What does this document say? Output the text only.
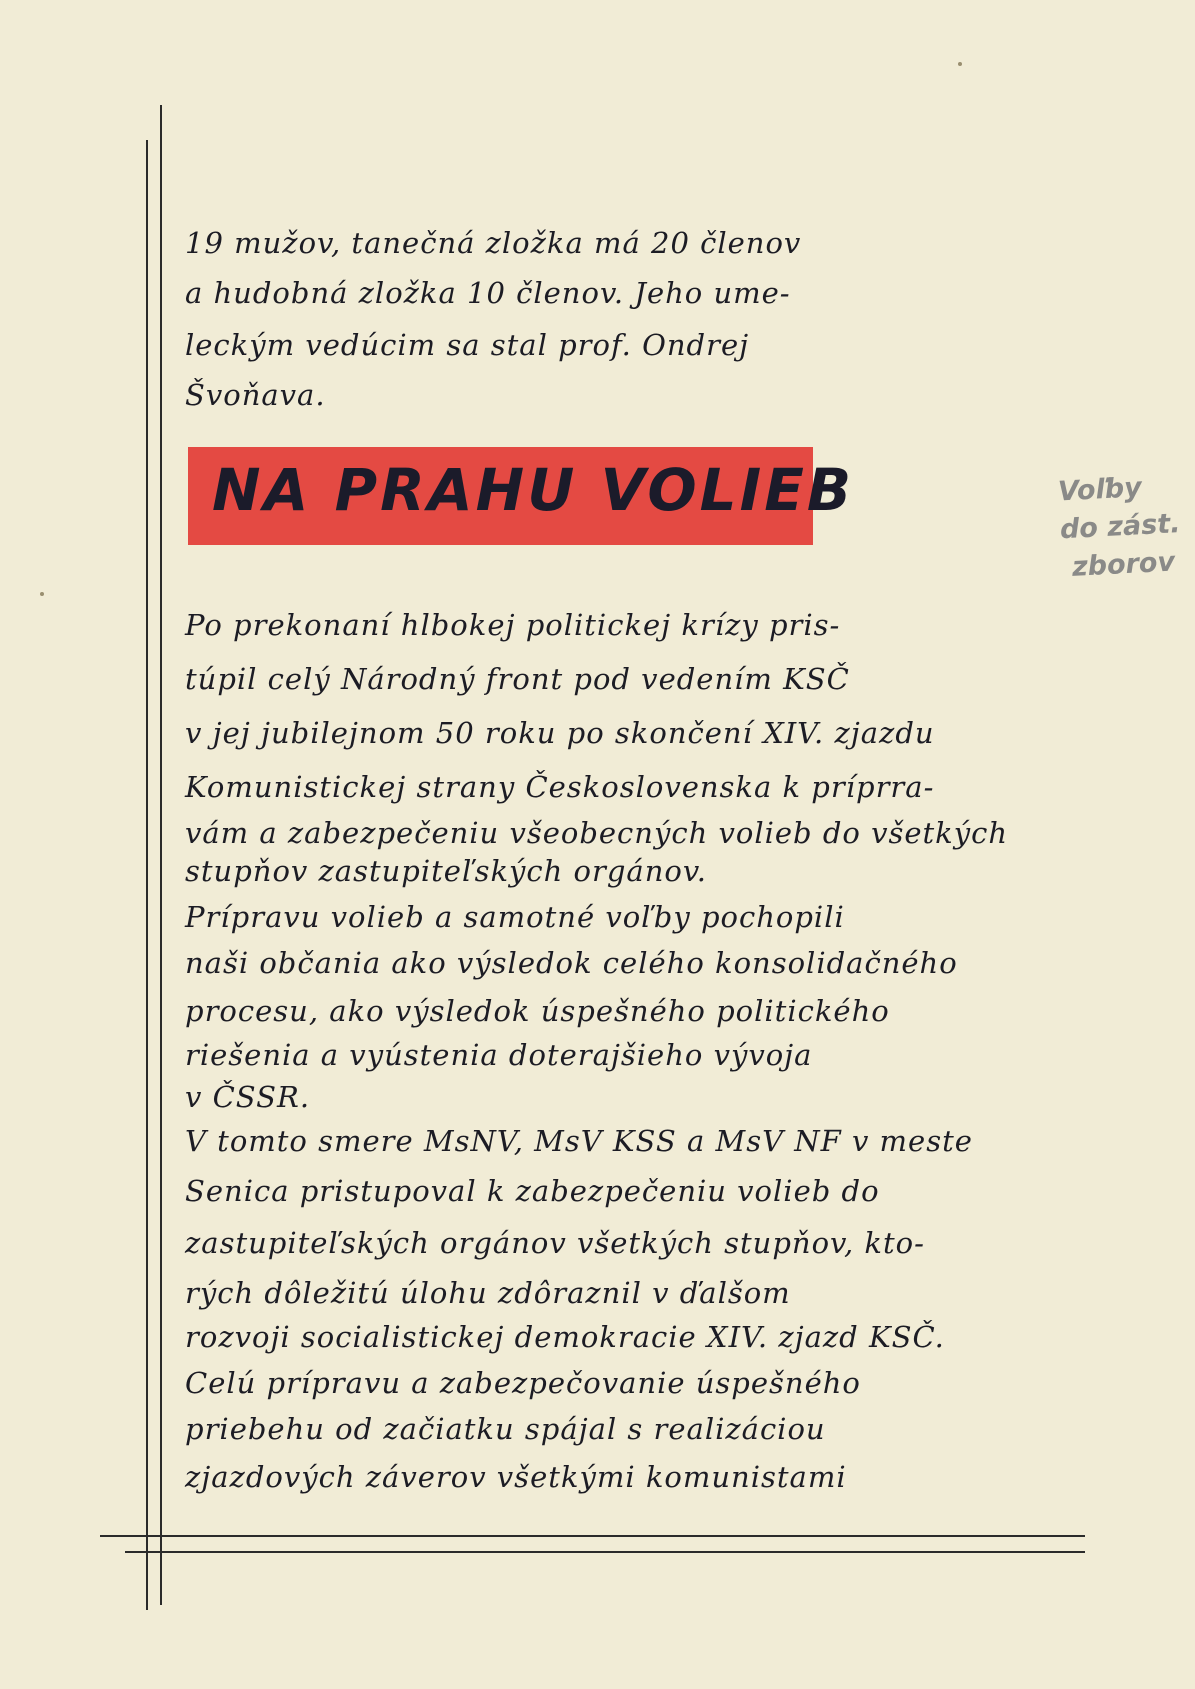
19 mužov, tanečná zložka má 20 členov
a hudobná zložka 10 členov. Jeho ume-
leckým vedúcim sa stal prof. Ondrej
Švoňava.
NA PRAHU VOLIEB	Voľby
do zást.
zborov
Po prekonaní hlbokej politickej krízy pris-
túpil celý Národný front pod vedením KSČ
v jej jubilejnom 50 roku po skončení XIV. zjazdu
Komunistickej strany Československa k príprra-
vám a zabezpečeniu všeobecných volieb do všetkých
stupňov zastupiteľských orgánov.
Prípravu volieb a samotné voľby pochopili
naši občania ako výsledok celého konsolidačného
procesu, ako výsledok úspešného politického
riešenia a vyústenia doterajšieho vývoja
v ČSSR.
V tomto smere MsNV, MsV KSS a MsV NF v meste
Senica pristupoval k zabezpečeniu volieb do
zastupiteľských orgánov všetkých stupňov, kto-
rých dôležitú úlohu zdôraznil v ďalšom
rozvoji socialistickej demokracie XIV. zjazd KSČ.
Celú prípravu a zabezpečovanie úspešného
priebehu od začiatku spájal s realizáciou
zjazdových záverov všetkými komunistami
